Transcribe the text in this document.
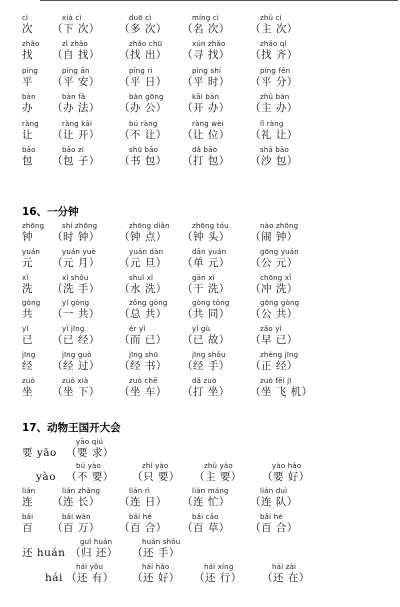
cì
次
xià cì
（下 次）
duō cì
（多 次）
míng cì
（名 次）
zhǔ cì
（主 次）
zhǎo
找
zì zhǎo
（自 找）
zhǎo chū
（找 出）
xún zhǎo
（寻 找）
zhǎo qí
（找 齐）
píng
平
píng ān
（平 安）
píng rì
（平 日）
píng shí
（平 时）
píng fēn
（平 分）
bàn
办
bàn fǎ
（办 法）
bàn gōng
（办 公）
kāi bàn
（开 办）
zhǔ bàn
（主 办）
ràng
让
ràng kāi
（让 开）
bú ràng
（不 让）
ràng wèi
（让 位）
lǐ ràng
（礼 让）
bāo
包
bāo zi
（包 子）
shū bāo
（书 包）
dǎ bāo
（打 包）
shā bāo
（沙 包）
16、一分钟
zhōng
钟
shí zhōng
（时 钟）
zhōng diǎn
（钟 点）
zhōng tóu
（钟 头）
nào zhōng
（闹 钟）
yuán
元
yuán yuè
（元 月）
yuán dàn
（元 旦）
dān yuán
（单 元）
gōng yuán
（公 元）
xǐ
洗
xǐ shǒu
（洗 手）
shuǐ xǐ
（水 洗）
gān xǐ
（干 洗）
chōng xǐ
（冲 洗）
gòng
共
yí gòng
（一 共）
zǒng gòng
（总 共）
gòng tóng
（共 同）
gōng gòng
（公 共）
yǐ
已
yǐ jīng
（已 经）
ér yǐ
（而 已）
yǐ gù
（已 故）
zǎo yǐ
（早 已）
jīng
经
jīng guò
（经 过）
jīng shū
（经 书）
jīng shǒu
（经 手）
zhèng jīng
（正 经）
zuò
坐
zuò xià
（坐 下）
zuò chē
（坐 车）
dǎ zuò
（打 坐）
zuò fēi jī
（坐 飞 机）
17、动物王国开大会
要 yāo
yāo qiú
（要 求）
yào
bú yào
（不 要）
zhǐ yào
（只 要）
zhǔ yào
（主 要）
yào hǎo
（要 好）
lián
连
lián zhǎng
（连 长）
lián rì
（连 日）
lián máng
（连 忙）
lián duì
（连 队）
bǎi
百
bǎi wàn
（百 万）
bǎi hé
（百 合）
bǎi cǎo
（百 草）
bǎi hé
（百 合）
还 huán
guī huán
（归 还）
huán shǒu
（还 手）
hái
hái yǒu
（还 有）
hái hǎo
（还 好）
hái xíng
（还 行）
hái zài
（还 在）
